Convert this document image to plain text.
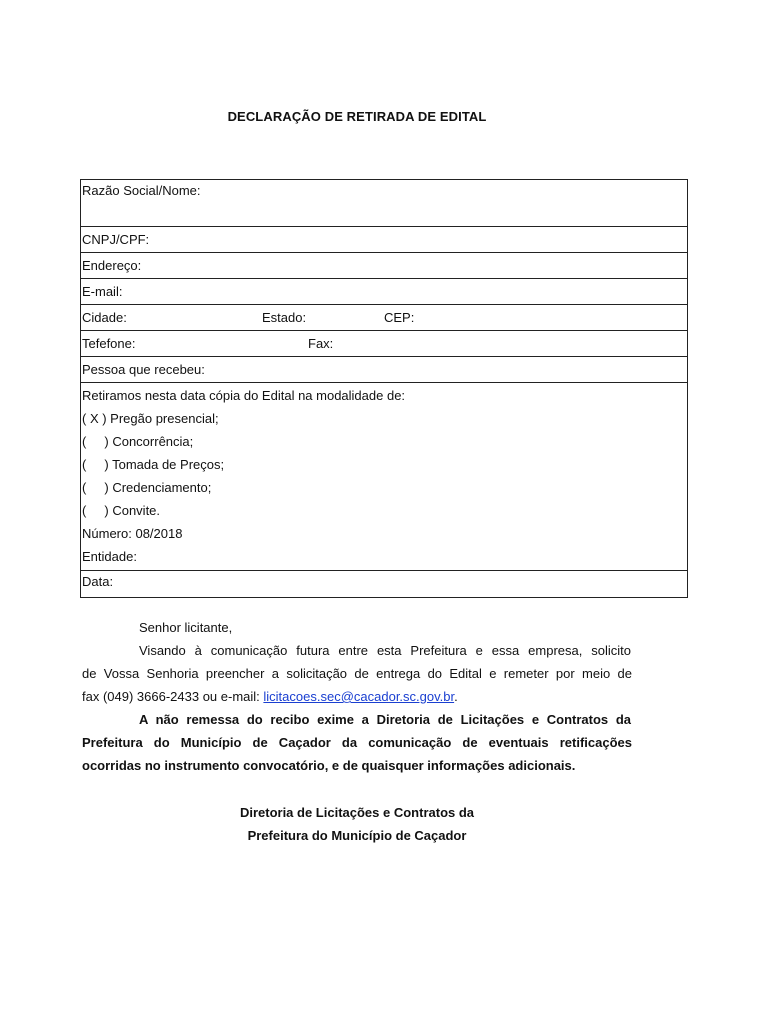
DECLARAÇÃO DE RETIRADA DE EDITAL
Razão Social/Nome:
CNPJ/CPF:
Endereço:
E-mail:
Cidade:	Estado:	CEP:
Tefefone:	Fax:
Pessoa que recebeu:
Retiramos nesta data cópia do Edital na modalidade de:
( X ) Pregão presencial;
(     ) Concorrência;
(     ) Tomada de Preços;
(     ) Credenciamento;
(     ) Convite.
Número: 08/2018
Entidade:
Data:
Senhor licitante,
Visando à comunicação futura entre esta Prefeitura e essa empresa, solicito
de Vossa Senhoria preencher a solicitação de entrega do Edital e remeter por meio de
fax (049) 3666-2433 ou e-mail: licitacoes.sec@cacador.sc.gov.br.
A não remessa do recibo exime a Diretoria de Licitações e Contratos da
Prefeitura do Município de Caçador da comunicação de eventuais retificações
ocorridas no instrumento convocatório, e de quaisquer informações adicionais.
Diretoria de Licitações e Contratos da
Prefeitura do Município de Caçador
